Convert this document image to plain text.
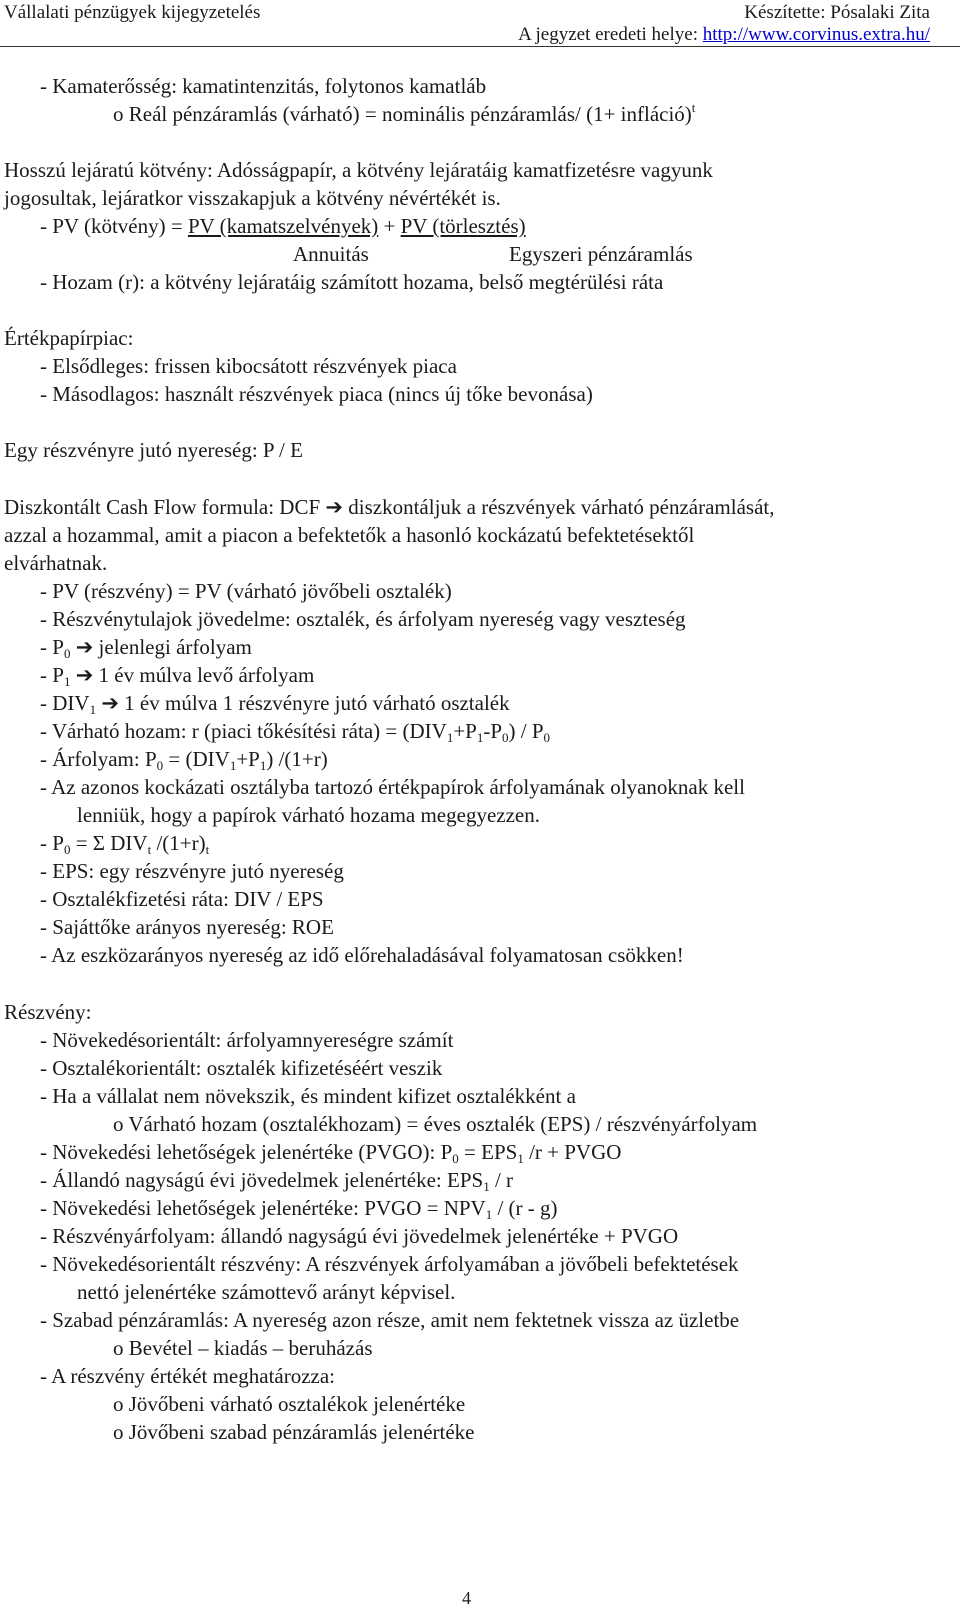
Vállalati pénzügyek kijegyzetelés	Készítette: Pósalaki Zita
A jegyzet eredeti helye: http://www.corvinus.extra.hu/
- Kamaterősség: kamatintenzitás, folytonos kamatláb
o Reál pénzáramlás (várható) = nominális pénzáramlás/ (1+ infláció)$^t$
Hosszú lejáratú kötvény: Adósságpapír, a kötvény lejáratáig kamatfizetésre vagyunk
jogosultak, lejáratkor visszakapjuk a kötvény névértékét is.
- PV (kötvény) = PV (kamatszelvények) + PV (törlesztés)
Annuitás	Egyszeri pénzáramlás
- Hozam (r): a kötvény lejáratáig számított hozama, belső megtérülési ráta
Értékpapírpiac:
- Elsődleges: frissen kibocsátott részvények piaca
- Másodlagos: használt részvények piaca (nincs új tőke bevonása)
Egy részvényre jutó nyereség: P / E
Diszkontált Cash Flow formula: DCF ➔ diszkontáljuk a részvények várható pénzáramlását,
azzal a hozammal, amit a piacon a befektetők a hasonló kockázatú befektetésektől
elvárhatnak.
- PV (részvény) = PV (várható jövőbeli osztalék)
- Részvénytulajok jövedelme: osztalék, és árfolyam nyereség vagy veszteség
- $P_0$ ➔ jelenlegi árfolyam
- $P_1$ ➔ 1 év múlva levő árfolyam
- $DIV_1$ ➔ 1 év múlva 1 részvényre jutó várható osztalék
- Várható hozam: r (piaci tőkésítési ráta) = $(DIV_1+P_1-P_0) / P_0$
- Árfolyam: $P_0 = (DIV_1+P_1)$ /(1+r)
- Az azonos kockázati osztályba tartozó értékpapírok árfolyamának olyanoknak kell
lenniük, hogy a papírok várható hozama megegyezzen.
- $P_0 = \Sigma$ $DIV_t$ $/(1+r)_t$
- EPS: egy részvényre jutó nyereség
- Osztalékfizetési ráta: DIV / EPS
- Sajáttőke arányos nyereség: ROE
- Az eszközarányos nyereség az idő előrehaladásával folyamatosan csökken!
Részvény:
- Növekedésorientált: árfolyamnyereségre számít
- Osztalékorientált: osztalék kifizetéséért veszik
- Ha a vállalat nem növekszik, és mindent kifizet osztalékként a
o Várható hozam (osztalékhozam) = éves osztalék (EPS) / részvényárfolyam
- Növekedési lehetőségek jelenértéke (PVGO): $P_0 = EPS_1$ /r + PVGO
- Állandó nagyságú évi jövedelmek jelenértéke: $EPS_1$ / r
- Növekedési lehetőségek jelenértéke: PVGO = $NPV_1 / (r - g)$
- Részvényárfolyam: állandó nagyságú évi jövedelmek jelenértéke + PVGO
- Növekedésorientált részvény: A részvények árfolyamában a jövőbeli befektetések
nettó jelenértéke számottevő arányt képvisel.
- Szabad pénzáramlás: A nyereség azon része, amit nem fektetnek vissza az üzletbe
o Bevétel – kiadás – beruházás
- A részvény értékét meghatározza:
o Jövőbeni várható osztalékok jelenértéke
o Jövőbeni szabad pénzáramlás jelenértéke
4
